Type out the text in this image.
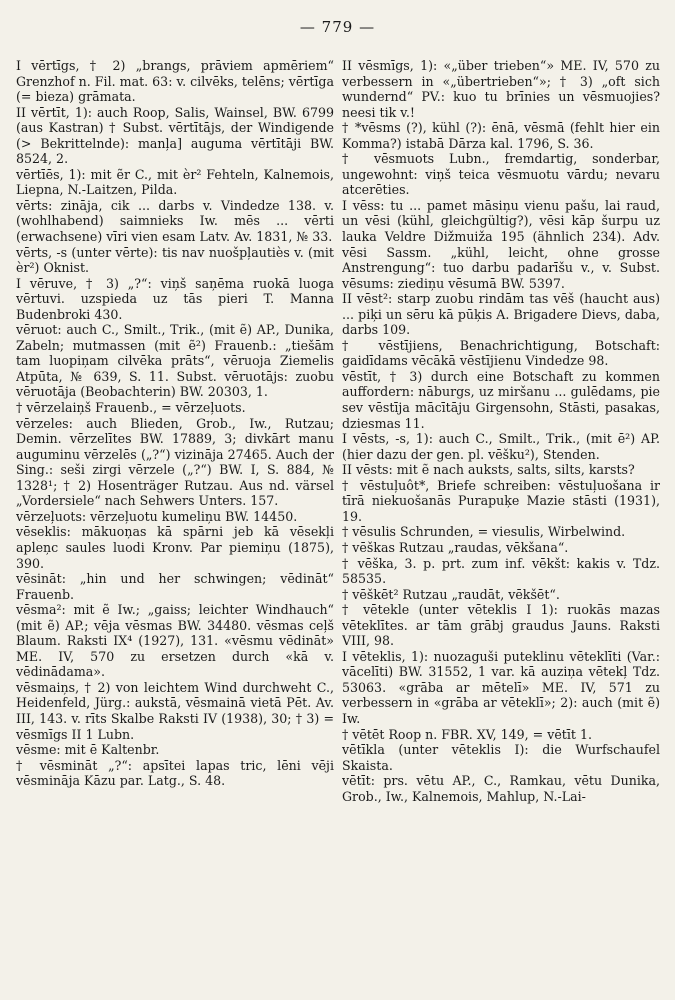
— 779 —

I vērtīgs, † 2) „brangs, prāviem apmēriem“ Grenzhof n. Fil. mat. 63: v. cilvēks, telēns; vērtīga (= bieza) grāmata.

II vērtīt, 1): auch Roop, Salis, Wainsel, BW. 6799 (aus Kastran) † Subst. vērtītājs, der Windigende (> Bekrittelnde): manļa] auguma vērtītāji BW. 8524, 2.

vērtīēs, 1): mit ẽr C., mit èr² Fehteln, Kalnemois, Liepna, N.-Laitzen, Pilda.

vērts: zināja, cik ... darbs v. Vindedze 138. v. (wohlhabend) saimnieks Iw. mēs ... vērti (erwachsene) vīri vien esam Latv. Av. 1831, № 33.

vērts, -s (unter vērte): tis nav nuošpļautiès v. (mit èr²) Oknist.

I vēruve, † 3) „?“: viņš saņēma ruokā luoga vērtuvi. uzspieda uz tās pieri T. Manna Budenbroki 430.

vēruot: auch C., Smilt., Trik., (mit ẽ) AP., Dunika, Zabeln; mutmassen (mit ẽ²) Frauenb.: „tiešām tam luopiņam cilvēka prāts“, vēruoja Ziemelis Atpūta, № 639, S. 11. Subst. vēruotājs: zuobu vēruotāja (Beobachterin) BW. 20303, 1.

† vērzelaiņš Frauenb., = vērzeļuots.

vērzeles: auch Blieden, Grob., Iw., Rutzau; Demin. vērzelītes BW. 17889, 3; divkārt manu auguminu vērzelēs („?“) vizināja 27465. Auch der Sing.: seši zirgi vērzele („?“) BW. I, S. 884, № 1328¹; † 2) Hosenträger Rutzau. Aus nd. värsel „Vordersiele“ nach Sehwers Unters. 157.

vērzeļuots: vērzeļuotu kumeliņu BW. 14450.

vēseklis: mākuoņas kā spārni jeb kā vēsekļi apleņc saules luodi Kronv. Par piemiņu (1875), 390.

vēsināt: „hin und her schwingen; vēdināt“ Frauenb.

vēsma²: mit ẽ Iw.; „gaiss; leichter Windhauch“ (mit ẽ) AP.; vēja vēsmas BW. 34480. vēsmas ceļš Blaum. Raksti IX⁴ (1927), 131. «vēsmu vēdināt» ME. IV, 570 zu ersetzen durch «kā v. vēdinādama».

vēsmaiņs, † 2) von leichtem Wind durchweht C., Heidenfeld, Jürg.: aukstā, vēsmainā vietā Pēt. Av. III, 143. v. rīts Skalbe Raksti IV (1938), 30; † 3) = vēsmīgs II 1 Lubn.

vēsme: mit ē Kaltenbr.

† vēsmināt „?“: apsītei lapas tric, lēni vēji vēsmināja Kāzu par. Latg., S. 48.

II vēsmīgs, 1): «„über trieben“» ME. IV, 570 zu verbessern in «„übertrieben“»; † 3) „oft sich wundernd“ PV.: kuo tu brīnies un vēsmuojies? neesi tik v.!

† *vēsms (?), kühl (?): ēnā, vēsmā (fehlt hier ein Komma?) istabā Dārza kal. 1796, S. 36.

† vēsmuots Lubn., fremdartig, sonderbar, ungewohnt: viņš teica vēsmuotu vārdu; nevaru atcerēties.

I vēss: tu ... pamet māsiņu vienu pašu, lai raud, un vēsi (kühl, gleichgültig?), vēsi kāp šurpu uz lauka Veldre Dižmuiža 195 (ähnlich 234). Adv. vēsi Sassm. „kühl, leicht, ohne grosse Anstrengung“: tuo darbu padarīšu v., v. Subst. vēsums: ziediņu vēsumā BW. 5397.

II vēst²: starp zuobu rindām tas vēš (haucht aus) ... piķi un sēru kā pūķis A. Brigadere Dievs, daba, darbs 109.

† vēstījiens, Benachrichtigung, Botschaft: gaidīdams vēcākā vēstījienu Vindedze 98.

vēstīt, † 3) durch eine Botschaft zu kommen auffordern: nāburgs, uz miršanu ... gulēdams, pie sev vēstīja mācītāju Girgensohn, Stāsti, pasakas, dziesmas 11.

I vēsts, -s, 1): auch C., Smilt., Trik., (mit ē²) AP. (hier dazu der gen. pl. vēšku²), Stenden.

II vēsts: mit ẽ nach auksts, salts, silts, karsts?

† vēstuļuôt*, Briefe schreiben: vēstuļuošana ir tīrā niekuošanās Purapuķe Mazie stāsti (1931), 19.

† vēsulis Schrunden, = viesulis, Wirbelwind.

† vēškas Rutzau „raudas, vēkšana“.

† vēška, 3. p. prt. zum inf. vēkšt: kakis v. Tdz. 58535.

† vēškēt² Rutzau „raudāt, vēkšēt“.

† vētekle (unter vēteklis I 1): ruokās mazas vēteklītes. ar tām grābj graudus Jauns. Raksti VIII, 98.

I vēteklis, 1): nuozaguši puteklinu vēteklīti (Var.: vācelīti) BW. 31552, 1 var. kā auziņa vētekļ Tdz. 53063. «grāba ar mētelī» ME. IV, 571 zu verbessern in «grāba ar vēteklī»; 2): auch (mit ẽ) Iw.

† vētēt Roop n. FBR. XV, 149, = vētīt 1.

vētīkla (unter vēteklis I): die Wurfschaufel Skaista.

vētīt: prs. vētu AP., C., Ramkau, vētu Dunika, Grob., Iw., Kalnemois, Mahlup, N.-Lai-
